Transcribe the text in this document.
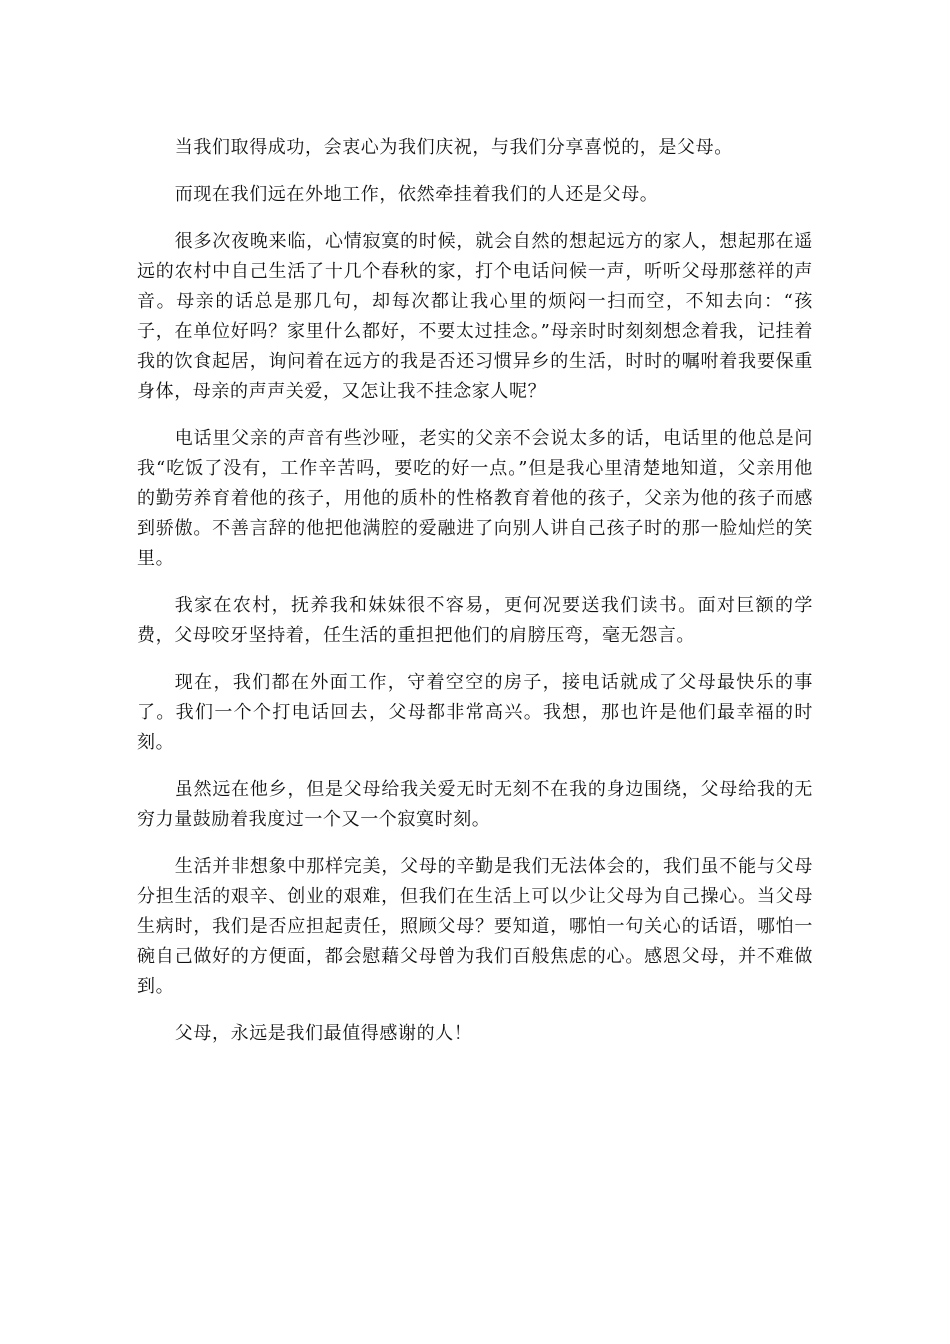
当我们取得成功，会衷心为我们庆祝，与我们分享喜悦的，是父母。

而现在我们远在外地工作，依然牵挂着我们的人还是父母。

很多次夜晚来临，心情寂寞的时候，就会自然的想起远方的家人，想起那在遥远的农村中自己生活了十几个春秋的家，打个电话问候一声，听听父母那慈祥的声音。母亲的话总是那几句，却每次都让我心里的烦闷一扫而空，不知去向：“孩子，在单位好吗？家里什么都好，不要太过挂念。”母亲时时刻刻想念着我，记挂着我的饮食起居，询问着在远方的我是否还习惯异乡的生活，时时的嘱咐着我要保重身体，母亲的声声关爱，又怎让我不挂念家人呢？

电话里父亲的声音有些沙哑，老实的父亲不会说太多的话，电话里的他总是问我“吃饭了没有，工作辛苦吗，要吃的好一点。”但是我心里清楚地知道，父亲用他的勤劳养育着他的孩子，用他的质朴的性格教育着他的孩子，父亲为他的孩子而感到骄傲。不善言辞的他把他满腔的爱融进了向别人讲自己孩子时的那一脸灿烂的笑里。

我家在农村，抚养我和妹妹很不容易，更何况要送我们读书。面对巨额的学费，父母咬牙坚持着，任生活的重担把他们的肩膀压弯，毫无怨言。

现在，我们都在外面工作，守着空空的房子，接电话就成了父母最快乐的事了。我们一个个打电话回去，父母都非常高兴。我想，那也许是他们最幸福的时刻。

虽然远在他乡，但是父母给我关爱无时无刻不在我的身边围绕，父母给我的无穷力量鼓励着我度过一个又一个寂寞时刻。

生活并非想象中那样完美，父母的辛勤是我们无法体会的，我们虽不能与父母分担生活的艰辛、创业的艰难，但我们在生活上可以少让父母为自己操心。当父母生病时，我们是否应担起责任，照顾父母？要知道，哪怕一句关心的话语，哪怕一碗自己做好的方便面，都会慰藉父母曾为我们百般焦虑的心。感恩父母，并不难做到。

父母，永远是我们最值得感谢的人！
